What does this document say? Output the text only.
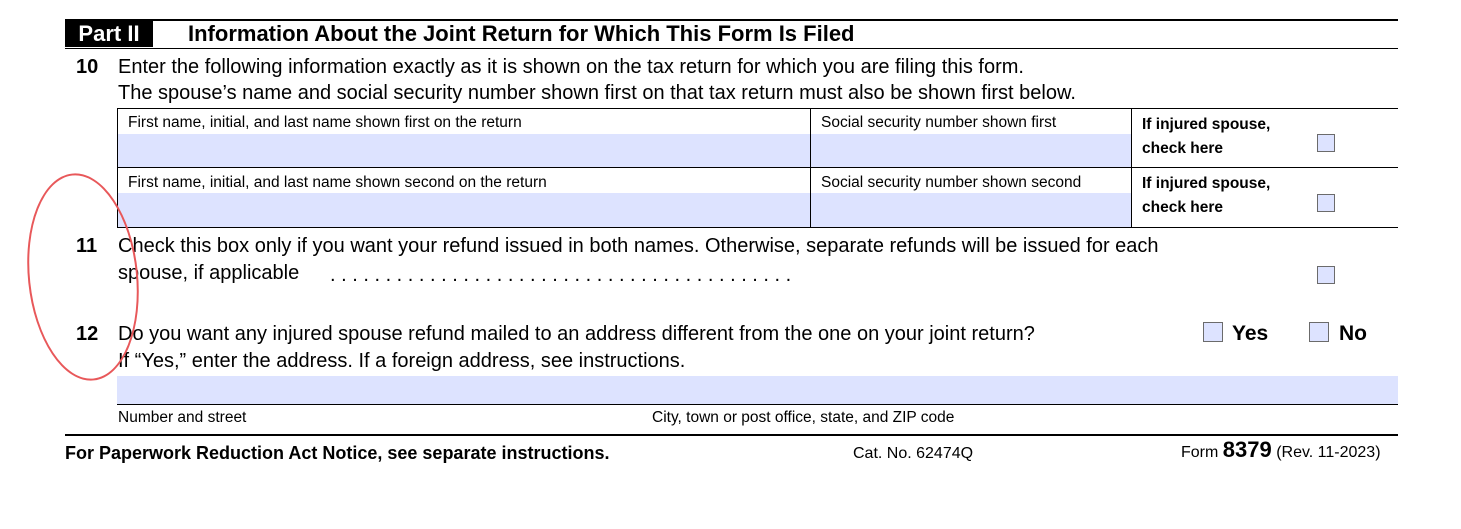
Part II	Information About the Joint Return for Which This Form Is Filed
10 Enter the following information exactly as it is shown on the tax return for which you are filing this form.
The spouse’s name and social security number shown first on that tax return must also be shown first below.
First name, initial, and last name shown first on the return	Social security number shown first	If injured spouse,
check here
First name, initial, and last name shown second on the return	Social security number shown second	If injured spouse,
check here
11 Check this box only if you want your refund issued in both names. Otherwise, separate refunds will be issued for each
spouse, if applicable . . . . . . . . . . . . . . . . . . . . . . . . . . . . . . . . . . . . . . . . . .
12 Do you want any injured spouse refund mailed to an address different from the one on your joint return?
If “Yes,” enter the address. If a foreign address, see instructions.
Yes	No
Number and street	City, town or post office, state, and ZIP code
For Paperwork Reduction Act Notice, see separate instructions.	Cat. No. 62474Q	Form 8379 (Rev. 11-2023)
